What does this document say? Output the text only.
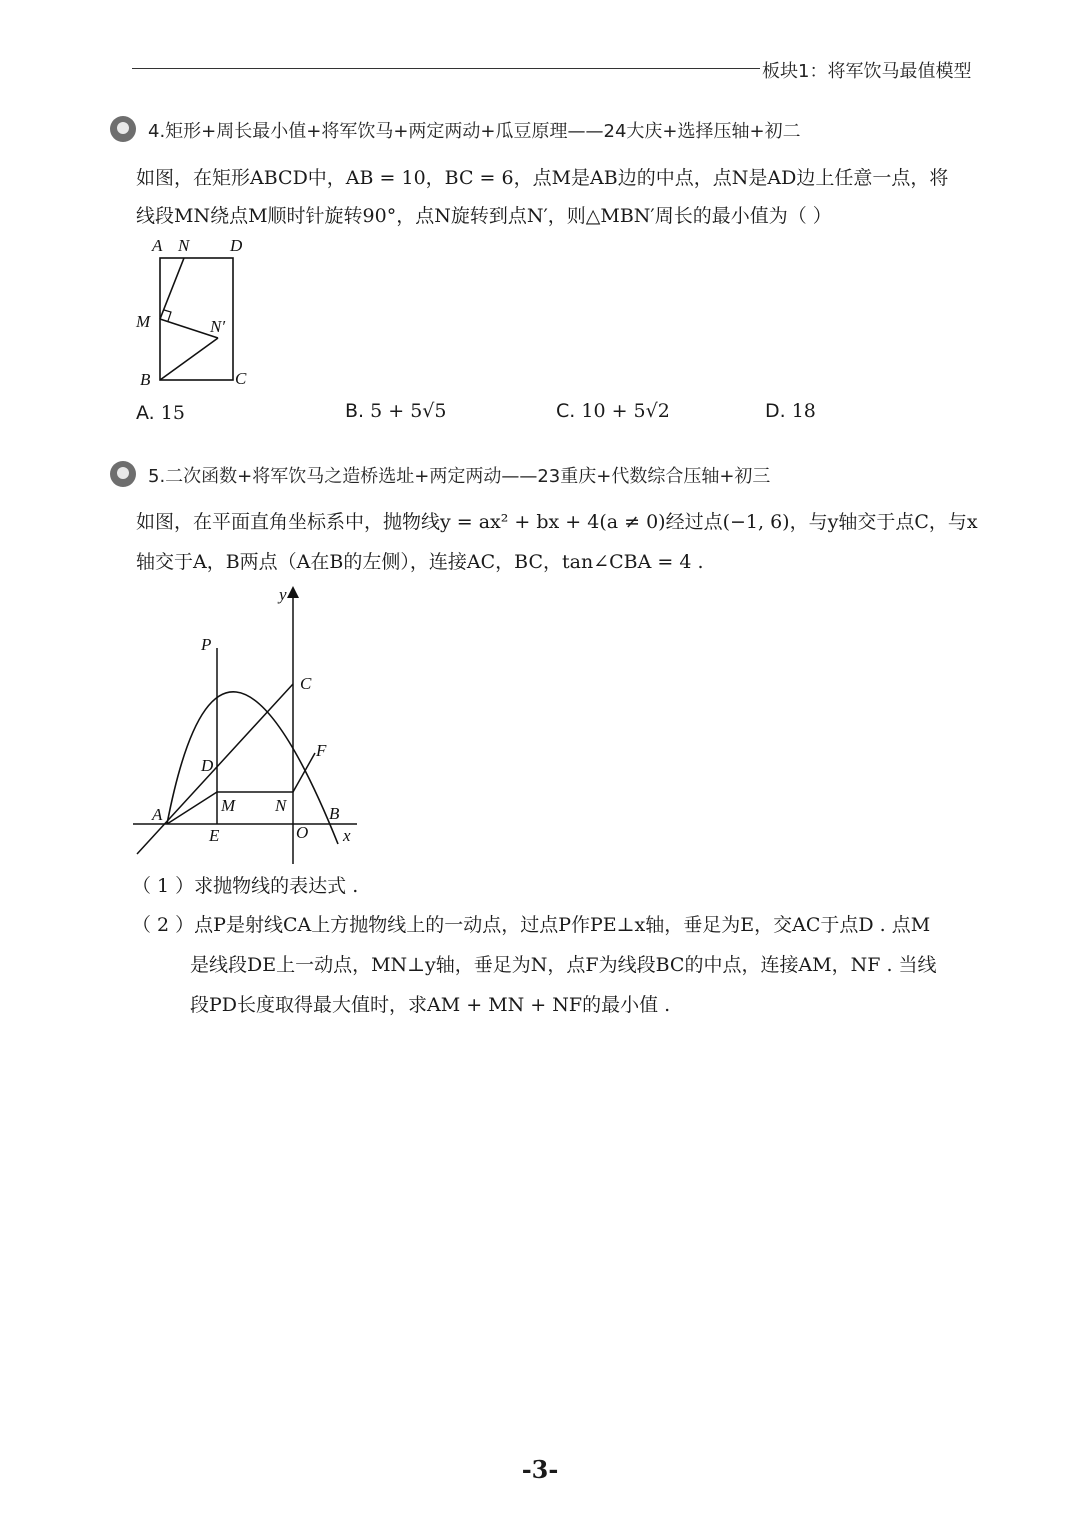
板块1：将军饮马最值模型
4.矩形+周长最小值+将军饮马+两定两动+瓜豆原理——24大庆+选择压轴+初二
如图，在矩形ABCD中，AB = 10，BC = 6，点M是AB边的中点，点N是AD边上任意一点，将
线段MN绕点M顺时针旋转90°，点N旋转到点N′，则△MBN′周长的最小值为（ ）
A N D
M	N′
B	C
A. 15	B. 5 + 5√5	C. 10 + 5√2	D. 18
5.二次函数+将军饮马之造桥选址+两定两动——23重庆+代数综合压轴+初三
如图，在平面直角坐标系中，抛物线y = ax² + bx + 4(a ≠ 0)经过点(−1, 6)，与y轴交于点C，与x
轴交于A，B两点（A在B的左侧），连接AC，BC，tan∠CBA = 4 .
y
P
C
F
D
A	M N	B
E	O x
（ 1 ）求抛物线的表达式 .
（ 2 ）点P是射线CA上方抛物线上的一动点，过点P作PE⊥x轴，垂足为E，交AC于点D . 点M
是线段DE上一动点，MN⊥y轴，垂足为N，点F为线段BC的中点，连接AM，NF . 当线
段PD长度取得最大值时，求AM + MN + NF的最小值 .
-3-
